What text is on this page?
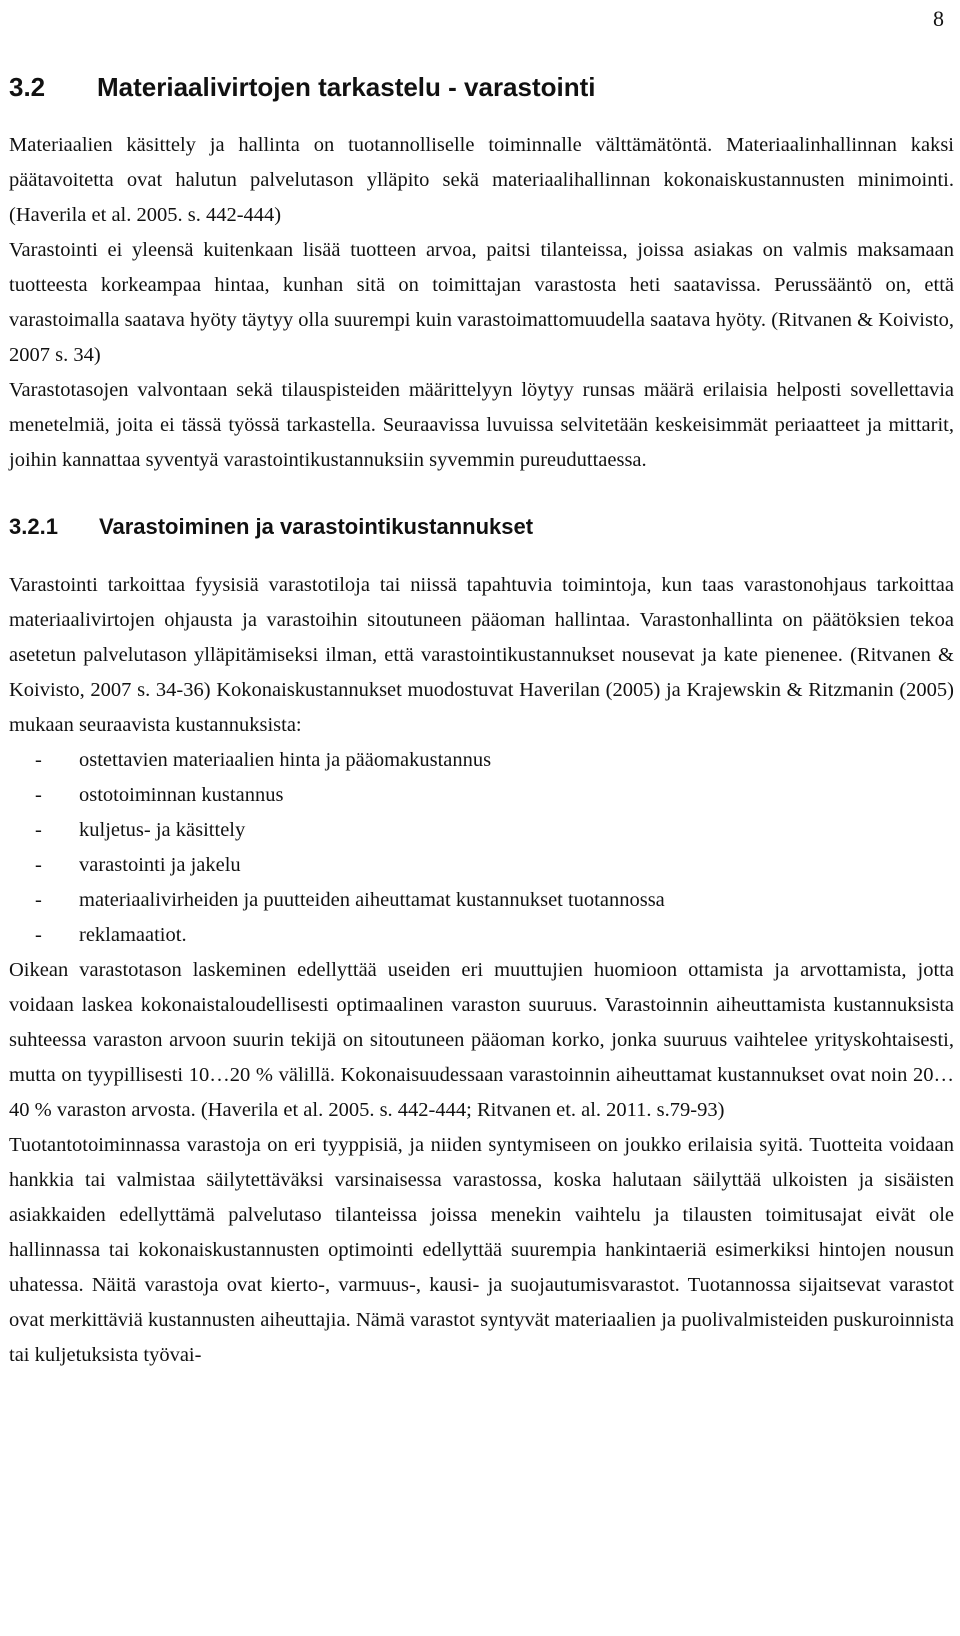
8
3.2 Materiaalivirtojen tarkastelu - varastointi

Materiaalien käsittely ja hallinta on tuotannolliselle toiminnalle välttämätöntä. Materiaalinhallinnan kaksi päätavoitetta ovat halutun palvelutason ylläpito sekä materiaalihallinnan kokonaiskustannusten minimointi. (Haverila et al. 2005. s. 442-444)

Varastointi ei yleensä kuitenkaan lisää tuotteen arvoa, paitsi tilanteissa, joissa asiakas on valmis maksamaan tuotteesta korkeampaa hintaa, kunhan sitä on toimittajan varastosta heti saatavissa. Perussääntö on, että varastoimalla saatava hyöty täytyy olla suurempi kuin varastoimattomuudella saatava hyöty. (Ritvanen & Koivisto, 2007 s. 34)

Varastotasojen valvontaan sekä tilauspisteiden määrittelyyn löytyy runsas määrä erilaisia helposti sovellettavia menetelmiä, joita ei tässä työssä tarkastella. Seuraavissa luvuissa selvitetään keskeisimmät periaatteet ja mittarit, joihin kannattaa syventyä varastointikustannuksiin syvemmin pureuduttaessa.

3.2.1 Varastoiminen ja varastointikustannukset

Varastointi tarkoittaa fyysisiä varastotiloja tai niissä tapahtuvia toimintoja, kun taas varastonohjaus tarkoittaa materiaalivirtojen ohjausta ja varastoihin sitoutuneen pääoman hallintaa. Varastonhallinta on päätöksien tekoa asetetun palvelutason ylläpitämiseksi ilman, että varastointikustannukset nousevat ja kate pienenee. (Ritvanen & Koivisto, 2007 s. 34-36) Kokonaiskustannukset muodostuvat Haverilan (2005) ja Krajewskin & Ritzmanin (2005) mukaan seuraavista kustannuksista:

- ostettavien materiaalien hinta ja pääomakustannus
- ostotoiminnan kustannus
- kuljetus- ja käsittely
- varastointi ja jakelu
- materiaalivirheiden ja puutteiden aiheuttamat kustannukset tuotannossa
- reklamaatiot.

Oikean varastotason laskeminen edellyttää useiden eri muuttujien huomioon ottamista ja arvottamista, jotta voidaan laskea kokonaistaloudellisesti optimaalinen varaston suuruus. Varastoinnin aiheuttamista kustannuksista suhteessa varaston arvoon suurin tekijä on sitoutuneen pääoman korko, jonka suuruus vaihtelee yrityskohtaisesti, mutta on tyypillisesti 10…20 % välillä. Kokonaisuudessaan varastoinnin aiheuttamat kustannukset ovat noin 20…40 % varaston arvosta. (Haverila et al. 2005. s. 442-444; Ritvanen et. al. 2011. s.79-93)

Tuotantotoiminnassa varastoja on eri tyyppisiä, ja niiden syntymiseen on joukko erilaisia syitä. Tuotteita voidaan hankkia tai valmistaa säilytettäväksi varsinaisessa varastossa, koska halutaan säilyttää ulkoisten ja sisäisten asiakkaiden edellyttämä palvelutaso tilanteissa joissa menekin vaihtelu ja tilausten toimitusajat eivät ole hallinnassa tai kokonaiskustannusten optimointi edellyttää suurempia hankintaeriä esimerkiksi hintojen nousun uhatessa. Näitä varastoja ovat kierto-, varmuus-, kausi- ja suojautumisvarastot. Tuotannossa sijaitsevat varastot ovat merkittäviä kustannusten aiheuttajia. Nämä varastot syntyvät materiaalien ja puolivalmisteiden puskuroinnista tai kuljetuksista työvai-
